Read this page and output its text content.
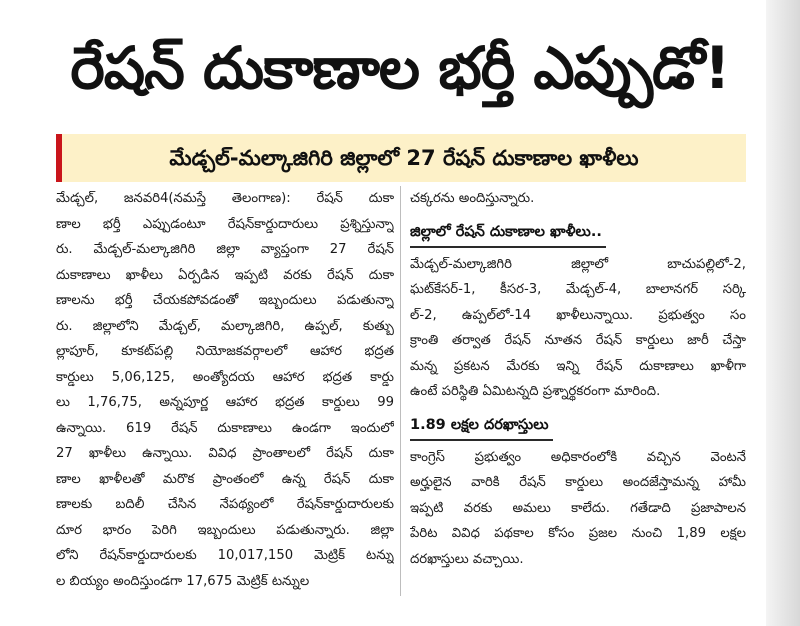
రేషన్‌ దుకాణాల భర్తీ ఎప్పుడో!
మేడ్చల్‌-మల్కాజిగిరి జిల్లాలో 27 రేషన్‌ దుకాణాల ఖాళీలు
మేడ్చల్‌, జనవరి4(నమస్తే తెలంగాణ): రేషన్‌ దుకా
ణాల భర్తీ ఎప్పుడంటూ రేషన్‌కార్డుదారులు ప్రశ్నిస్తున్నా
రు. మేడ్చల్‌-మల్కాజిగిరి జిల్లా వ్యాప్తంగా 27 రేషన్‌
దుకాణాలు ఖాళీలు ఏర్పడిన ఇప్పటి వరకు రేషన్‌ దుకా
ణాలను భర్తీ చేయకపోవడంతో ఇబ్బందులు పడుతున్నా
రు. జిల్లాలోని మేడ్చల్‌, మల్కాజిగిరి, ఉప్పల్‌, కుత్బు
ల్లాపూర్‌, కూకట్‌పల్లి నియోజకవర్గాలలో ఆహార భద్రత
కార్డులు 5,06,125, అంత్యోదయ ఆహార భద్రత కార్డు
లు 1,76,75, అన్నపూర్ణ ఆహార భద్రత కార్డులు 99
ఉన్నాయి. 619 రేషన్‌ దుకాణాలు ఉండగా ఇందులో
27 ఖాళీలు ఉన్నాయి. వివిధ ప్రాంతాలలో రేషన్‌ దుకా
ణాల ఖాళీలతో మరొక ప్రాంతంలో ఉన్న రేషన్‌ దుకా
ణాలకు బదిలీ చేసిన నేపథ్యంలో రేషన్‌కార్డుదారులకు
దూర భారం పెరిగి ఇబ్బందులు పడుతున్నారు. జిల్లా
లోని రేషన్‌కార్డుదారులకు 10,017,150 మెట్రిక్‌ టన్ను
ల బియ్యం అందిస్తుండగా 17,675 మెట్రిక్‌ టన్నుల
చక్కరను అందిస్తున్నారు.
జిల్లాలో రేషన్‌ దుకాణాల ఖాళీలు..
మేడ్చల్‌-మల్కాజిగిరి జిల్లాలో బాచుపల్లిలో-2,
ఘట్‌కేసర్‌-1, కీసర-3, మేడ్చల్‌-4, బాలానగర్‌ సర్కి
ల్‌-2, ఉప్పల్‌లో-14 ఖాళీలున్నాయి. ప్రభుత్వం సం
క్రాంతి తర్వాత రేషన్‌ నూతన రేషన్‌ కార్డులు జారీ చేస్తా
మన్న ప్రకటన మేరకు ఇన్ని రేషన్‌ దుకాణాలు ఖాళీగా
ఉంటే పరిస్థితి ఏమిటన్నది ప్రశ్నార్థకరంగా మారింది.
1.89 లక్షల దరఖాస్తులు
కాంగ్రెస్‌ ప్రభుత్వం అధికారంలోకి వచ్చిన వెంటనే
అర్హులైన వారికి రేషన్‌ కార్డులు అందజేస్తామన్న హామీ
ఇప్పటి వరకు అమలు కాలేదు. గతేడాది ప్రజాపాలన
పేరిట వివిధ పథకాల కోసం ప్రజల నుంచి 1,89 లక్షల
దరఖాస్తులు వచ్చాయి.
